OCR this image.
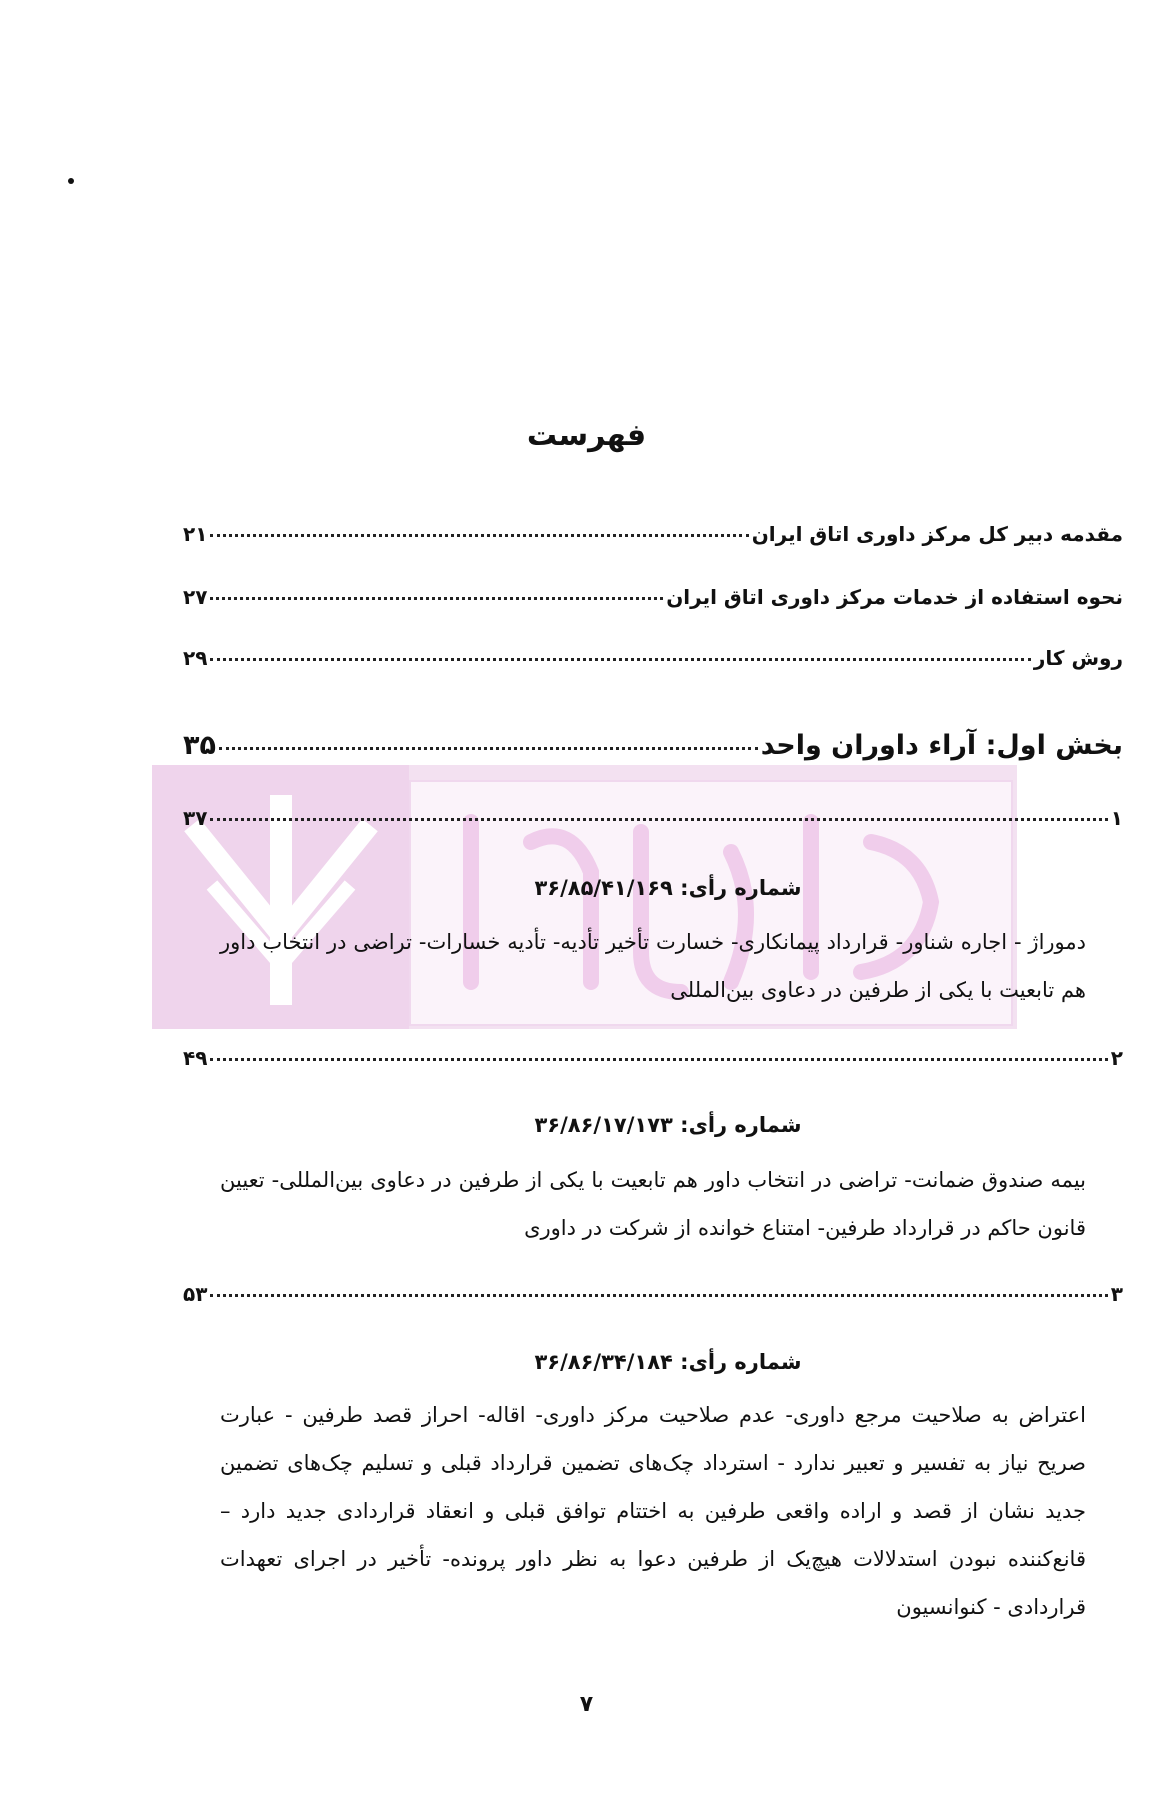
فهرست
مقدمه دبیر کل مرکز داوری اتاق ایران
۲۱
نحوه استفاده از خدمات مرکز داوری اتاق ایران
۲۷
روش کار
۲۹
بخش اول: آراء داوران واحد
۳۵
۱
۳۷
شماره رأی: ۳۶/۸۵/۴۱/۱۶۹
دموراژ - اجاره شناور- قرارداد پیمانکاری- خسارت تأخیر تأدیه- تأدیه خسارات- تراضی در انتخاب داور هم تابعیت با یکی از طرفین در دعاوی بین‌المللی
۲
۴۹
شماره رأی: ۳۶/۸۶/۱۷/۱۷۳
بیمه صندوق ضمانت- تراضی در انتخاب داور هم تابعیت با یکی از طرفین در دعاوی بین‌المللی- تعیین قانون حاکم در قرارداد طرفین- امتناع خوانده از شرکت در داوری
۳
۵۳
شماره رأی: ۳۶/۸۶/۳۴/۱۸۴
اعتراض به صلاحیت مرجع داوری- عدم صلاحیت مرکز داوری- اقاله- احراز قصد طرفین - عبارت صریح نیاز به تفسیر و تعبیر ندارد - استرداد چک‌های تضمین قرارداد قبلی و تسلیم چک‌های تضمین جدید نشان از قصد و اراده واقعی طرفین به اختتام توافق قبلی و انعقاد قراردادی جدید دارد – قانع‌کننده نبودن استدلالات هیچ‌یک از طرفین دعوا به نظر داور پرونده- تأخیر در اجرای تعهدات قراردادی - کنوانسیون
۷
